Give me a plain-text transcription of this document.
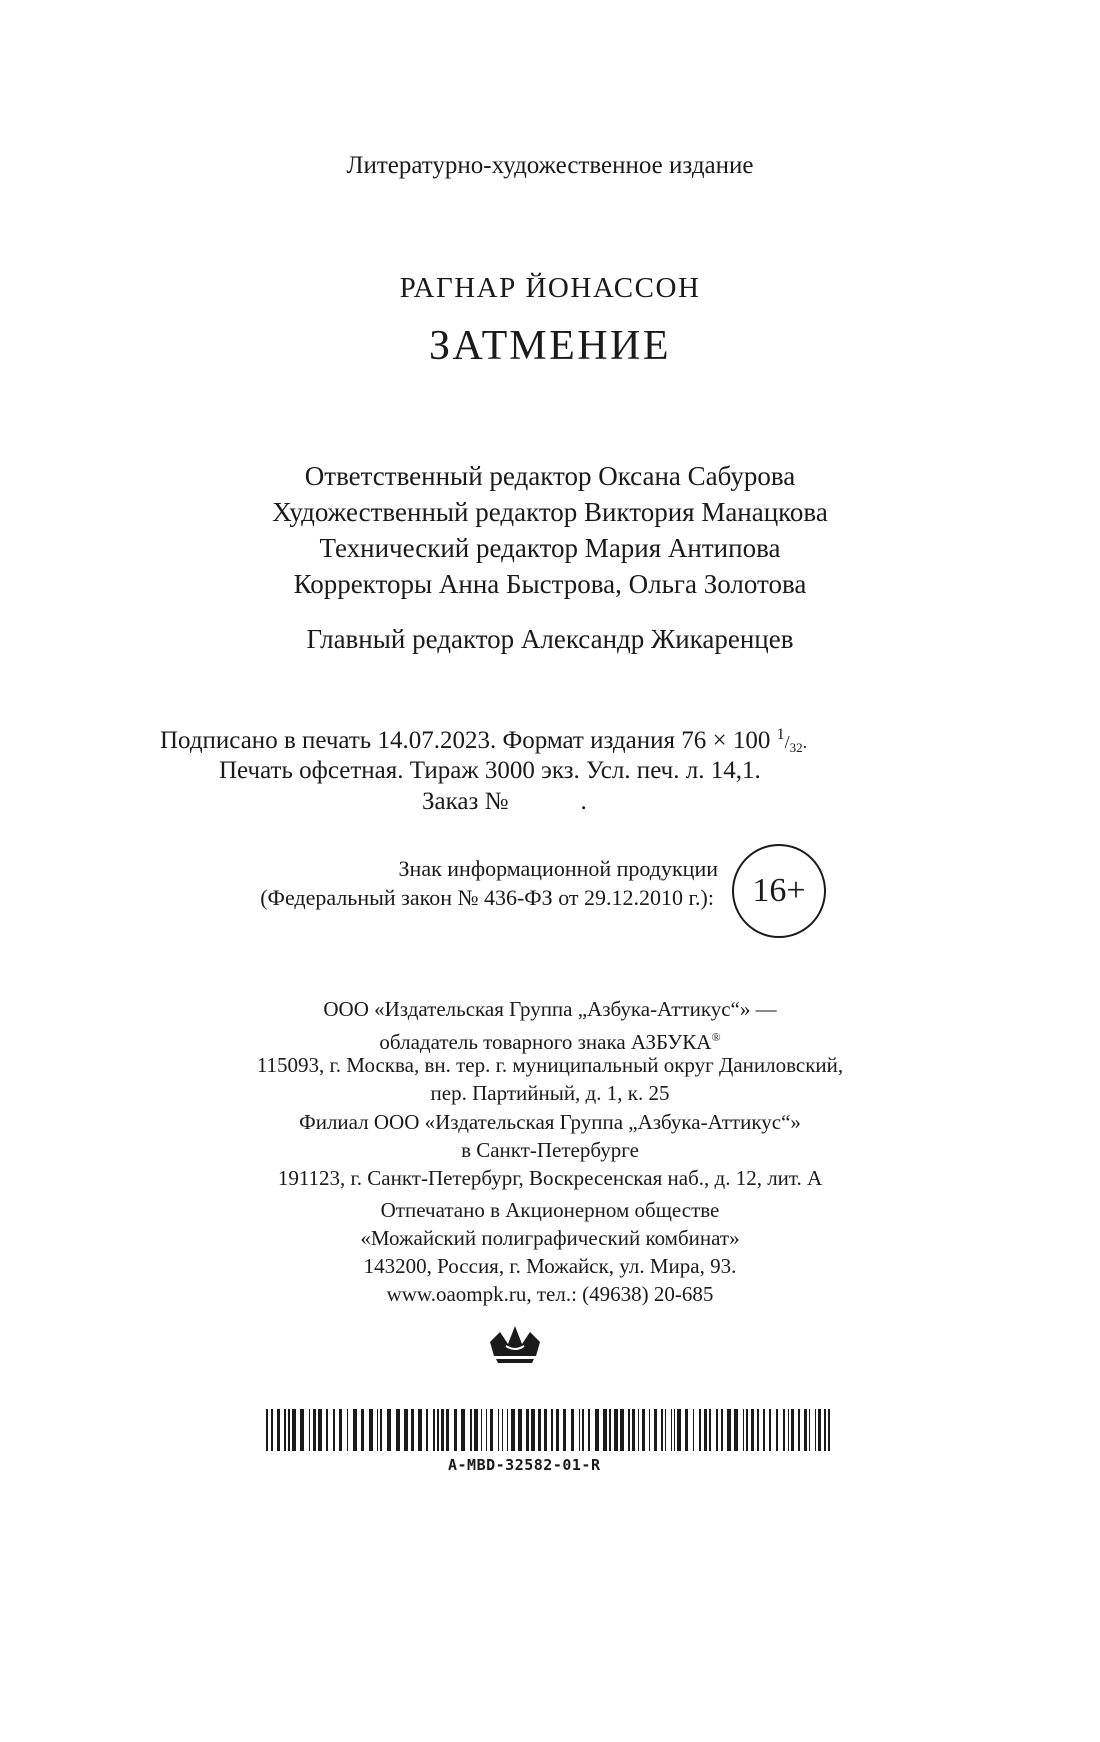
Литературно-художественное издание
РАГНАР ЙОНАССОН
ЗАТМЕНИЕ
Ответственный редактор Оксана Сабурова
Художественный редактор Виктория Манацкова
Технический редактор Мария Антипова
Корректоры Анна Быстрова, Ольга Золотова
Главный редактор Александр Жикаренцев
Подписано в печать 14.07.2023. Формат издания 76 × 100 $^1/_{32}$.
Печать офсетная. Тираж 3000 экз. Усл. печ. л. 14,1.
Заказ №	.
Знак информационной продукции
(Федеральный закон № 436-ФЗ от 29.12.2010 г.): 16+
ООО «Издательская Группа „Азбука-Аттикус“» —
обладатель товарного знака АЗБУКА®
115093, г. Москва, вн. тер. г. муниципальный округ Даниловский,
пер. Партийный, д. 1, к. 25
Филиал ООО «Издательская Группа „Азбука-Аттикус“»
в Санкт-Петербурге
191123, г. Санкт-Петербург, Воскресенская наб., д. 12, лит. А
Отпечатано в Акционерном обществе
«Можайский полиграфический комбинат»
143200, Россия, г. Можайск, ул. Мира, 93.
www.oaompk.ru, тел.: (49638) 20-685
A-MBD-32582-01-R
